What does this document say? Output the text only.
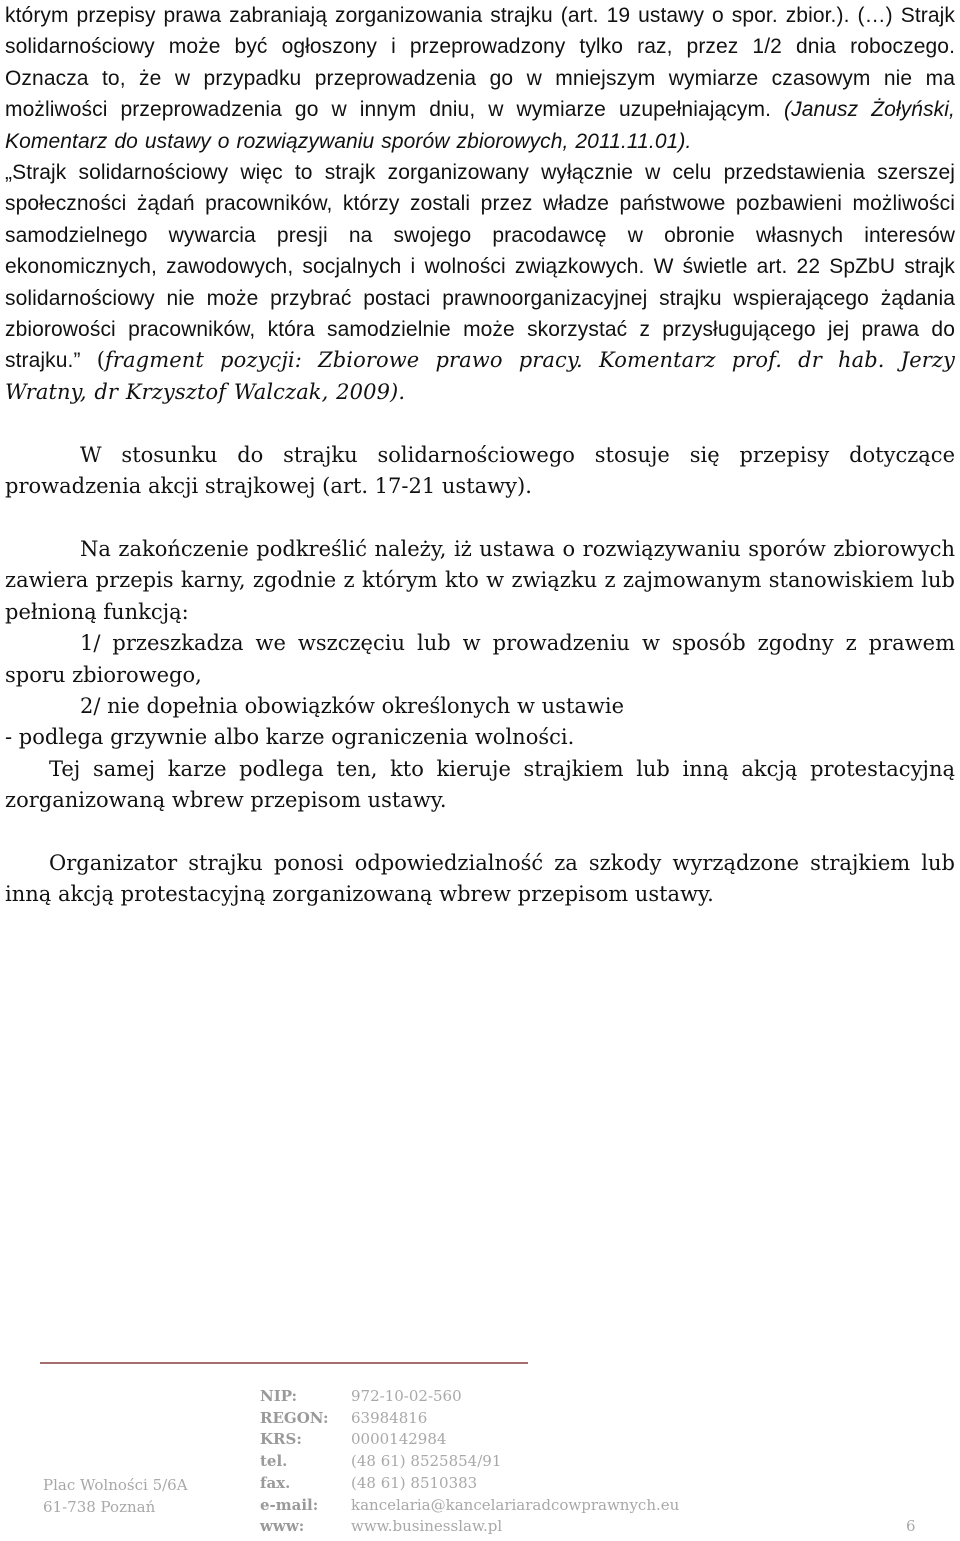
którym przepisy prawa zabraniają zorganizowania strajku (art. 19 ustawy o spor. zbior.). (…) Strajk solidarnościowy może być ogłoszony i przeprowadzony tylko raz, przez 1/2 dnia roboczego. Oznacza to, że w przypadku przeprowadzenia go w mniejszym wymiarze czasowym nie ma możliwości przeprowadzenia go w innym dniu, w wymiarze uzupełniającym. (Janusz Żołyński, Komentarz do ustawy o rozwiązywaniu sporów zbiorowych, 2011.11.01).

„Strajk solidarnościowy więc to strajk zorganizowany wyłącznie w celu przedstawienia szerszej społeczności żądań pracowników, którzy zostali przez władze państwowe pozbawieni możliwości samodzielnego wywarcia presji na swojego pracodawcę w obronie własnych interesów ekonomicznych, zawodowych, socjalnych i wolności związkowych. W świetle art. 22 SpZbU strajk solidarnościowy nie może przybrać postaci prawnoorganizacyjnej strajku wspierającego żądania zbiorowości pracowników, która samodzielnie może skorzystać z przysługującego jej prawa do strajku.” (fragment pozycji: Zbiorowe prawo pracy. Komentarz prof. dr hab. Jerzy Wratny, dr Krzysztof Walczak, 2009).

W stosunku do strajku solidarnościowego stosuje się przepisy dotyczące prowadzenia akcji strajkowej (art. 17-21 ustawy).

Na zakończenie podkreślić należy, iż ustawa o rozwiązywaniu sporów zbiorowych zawiera przepis karny, zgodnie z którym kto w związku z zajmowanym stanowiskiem lub pełnioną funkcją:

1/ przeszkadza we wszczęciu lub w prowadzeniu w sposób zgodny z prawem sporu zbiorowego,

2/ nie dopełnia obowiązków określonych w ustawie

- podlega grzywnie albo karze ograniczenia wolności.

Tej samej karze podlega ten, kto kieruje strajkiem lub inną akcją protestacyjną zorganizowaną wbrew przepisom ustawy.

Organizator strajku ponosi odpowiedzialność za szkody wyrządzone strajkiem lub inną akcją protestacyjną zorganizowaną wbrew przepisom ustawy.

Plac Wolności 5/6A
61-738 Poznań
NIP:	972-10-02-560
REGON:	63984816
KRS:	0000142984
tel.	(48 61) 8525854/91
fax.	(48 61) 8510383
e-mail:	kancelaria@kancelariaradcowprawnych.eu
www:	www.businesslaw.pl	6
